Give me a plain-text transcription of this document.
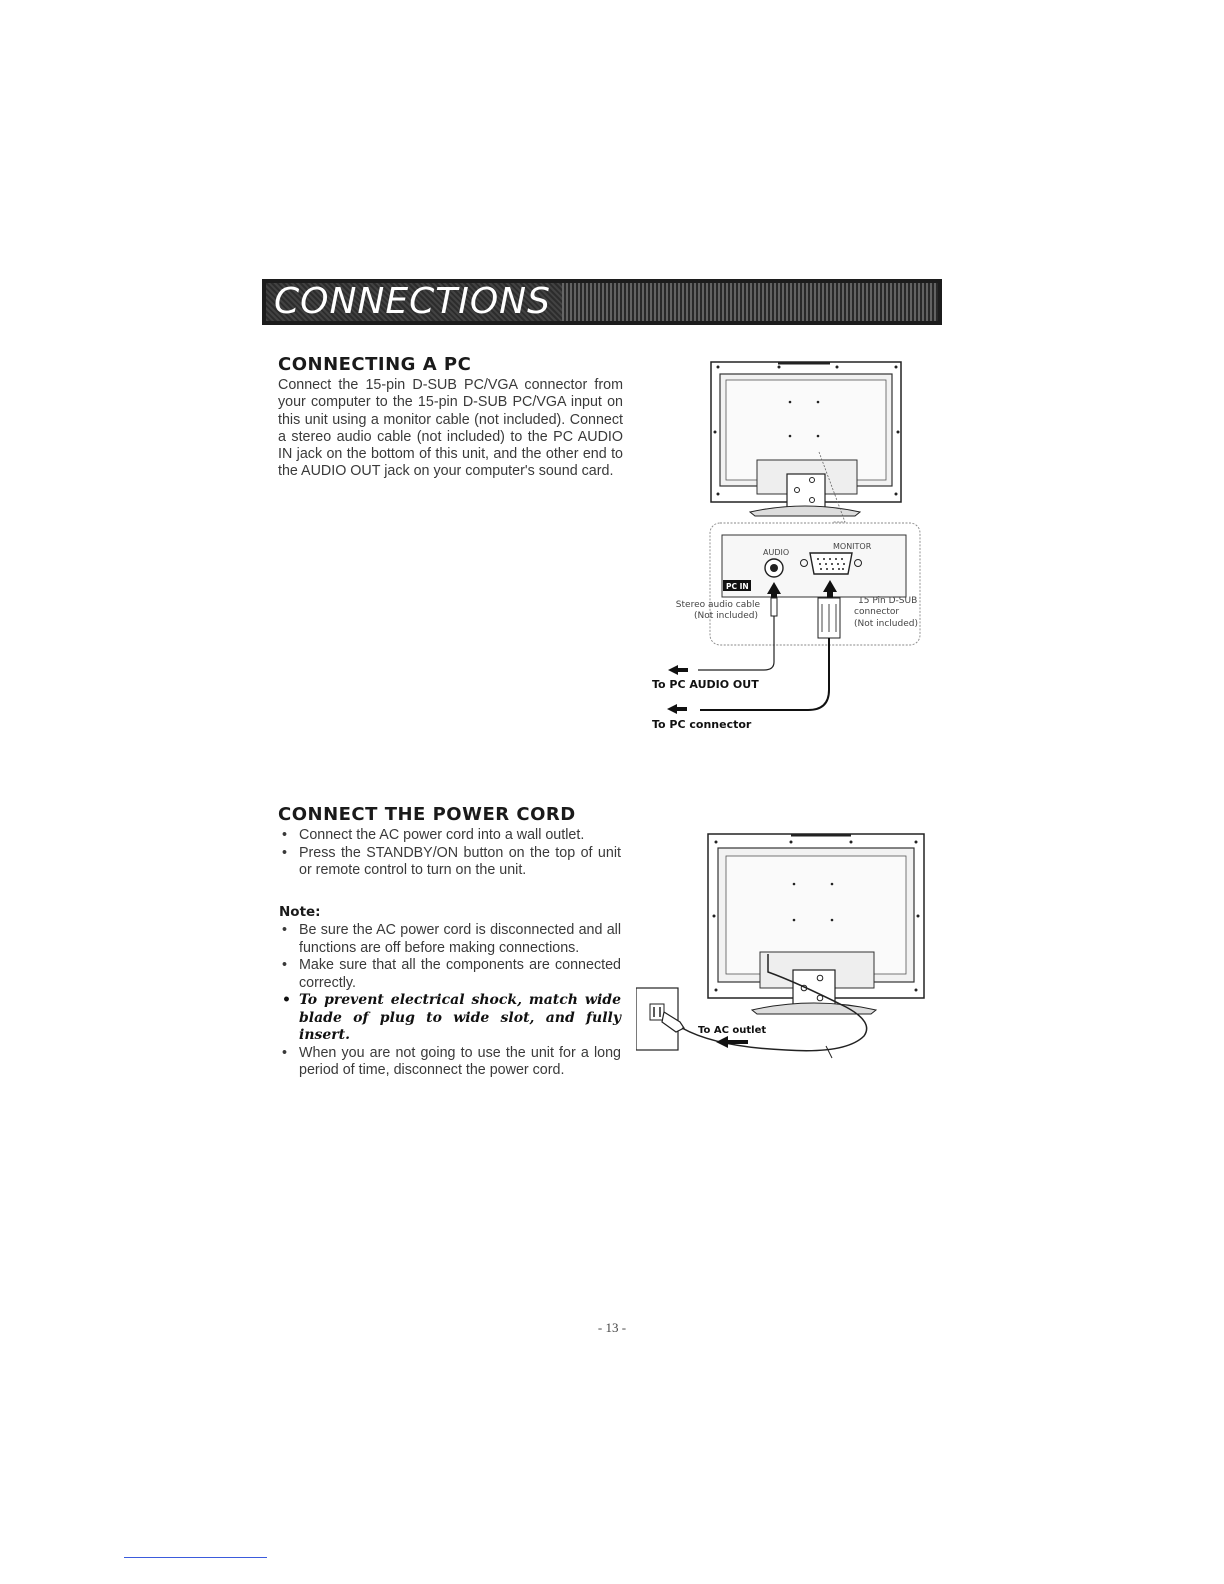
CONNECTIONS
CONNECTING A PC

Connect the 15-pin D-SUB PC/VGA connector from your computer to the 15-pin D-SUB PC/VGA input on this unit using a monitor cable (not included). Connect a stereo audio cable (not included) to the PC AUDIO IN jack on the bottom of this unit, and the other end to the AUDIO OUT jack on your computer's sound card.

AUDIO
MONITOR
PC IN
Stereo audio cable
(Not included)
15 Pin D-SUB
connector
(Not included)
To PC AUDIO OUT
To PC connector
CONNECT THE POWER CORD
• Connect the AC power cord into a wall outlet.
• Press the STANDBY/ON button on the top of unit or remote control to turn on the unit.
Note:
• Be sure the AC power cord is disconnected and all functions are off before making connections.
• Make sure that all the components are connected correctly.
• To prevent electrical shock, match wide blade of plug to wide slot, and fully insert.
• When you are not going to use the unit for a long period of time, disconnect the power cord.
To AC outlet
- 13 -
